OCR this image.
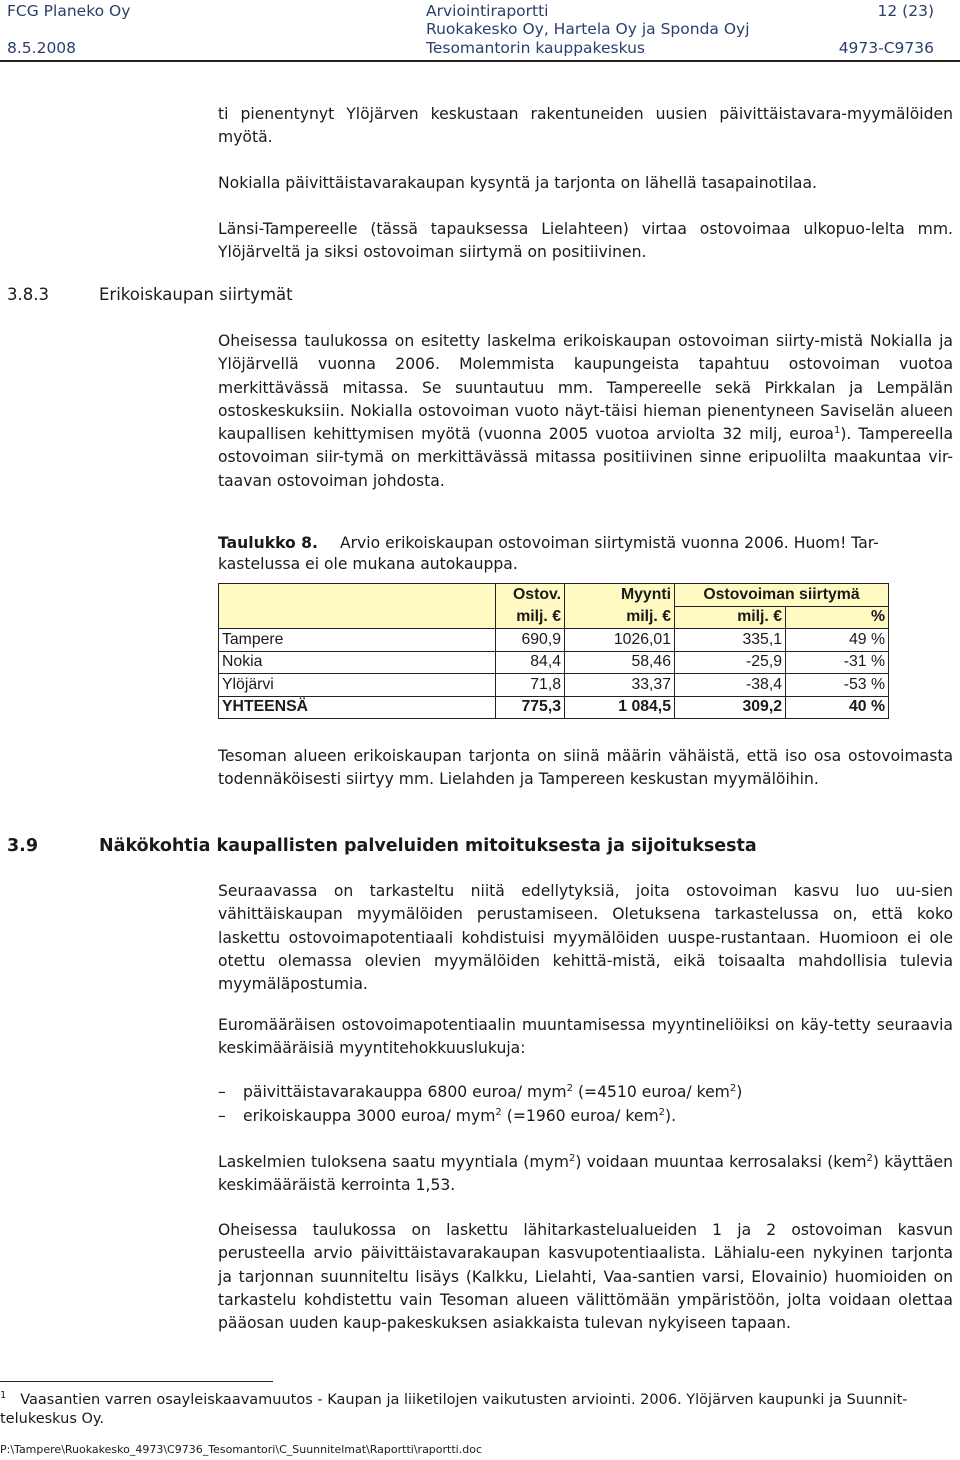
FCG Planeko Oy
8.5.2008
Arviointiraportti
Ruokakesko Oy, Hartela Oy ja Sponda Oyj
Tesomantorin kauppakeskus
12 (23)
4973-C9736

ti pienentynyt Ylöjärven keskustaan rakentuneiden uusien päivittäistavara-myymälöiden myötä.

Nokialla päivittäistavarakaupan kysyntä ja tarjonta on lähellä tasapainotilaa.

Länsi-Tampereelle (tässä tapauksessa Lielahteen) virtaa ostovoimaa ulkopuo-lelta mm. Ylöjärveltä ja siksi ostovoiman siirtymä on positiivinen.

3.8.3	Erikoiskaupan siirtymät

Oheisessa taulukossa on esitetty laskelma erikoiskaupan ostovoiman siirty-mistä Nokialla ja Ylöjärvellä vuonna 2006. Molemmista kaupungeista tapahtuu ostovoiman vuotoa merkittävässä mitassa. Se suuntautuu mm. Tampereelle sekä Pirkkalan ja Lempälän ostoskeskuksiin. Nokialla ostovoiman vuoto näyt-täisi hieman pienentyneen Saviselän alueen kaupallisen kehittymisen myötä (vuonna 2005 vuotoa arviolta 32 milj, euroa$^1$). Tampereella ostovoiman siir-tymä on merkittävässä mitassa positiivinen sinne eripuolilta maakuntaa vir-taavan ostovoiman johdosta.

Taulukko 8. Arvio erikoiskaupan ostovoiman siirtymistä vuonna 2006. Huom! Tar-kastelussa ei ole mukana autokauppa.
	Ostov.	Myynti	Ostovoiman siirtymä	
	milj. €	milj. €	milj. €	%
Tampere	690,9	1026,01	335,1	49 %
Nokia	84,4	58,46	-25,9	-31 %
Ylöjärvi	71,8	33,37	-38,4	-53 %
YHTEENSÄ	775,3	1 084,5	309,2	40 %

Tesoman alueen erikoiskaupan tarjonta on siinä määrin vähäistä, että iso osa ostovoimasta todennäköisesti siirtyy mm. Lielahden ja Tampereen keskustan myymälöihin.

3.9	Näkökohtia kaupallisten palveluiden mitoituksesta ja sijoituksesta

Seuraavassa on tarkasteltu niitä edellytyksiä, joita ostovoiman kasvu luo uu-sien vähittäiskaupan myymälöiden perustamiseen. Oletuksena tarkastelussa on, että koko laskettu ostovoimapotentiaali kohdistuisi myymälöiden uuspe-rustantaan. Huomioon ei ole otettu olemassa olevien myymälöiden kehittä-mistä, eikä toisaalta mahdollisia tulevia myymäläpostumia.

Euromääräisen ostovoimapotentiaalin muuntamisessa myyntineliöiksi on käy-tetty seuraavia keskimääräisiä myyntitehokkuuslukuja:

– päivittäistavarakauppa 6800 euroa/ mym$^2$ (=4510 euroa/ kem$^2$)
– erikoiskauppa 3000 euroa/ mym$^2$ (=1960 euroa/ kem$^2$).

Laskelmien tuloksena saatu myyntiala (mym$^2$) voidaan muuntaa kerrosalaksi (kem$^2$) käyttäen keskimääräistä kerrointa 1,53.

Oheisessa taulukossa on laskettu lähitarkastelualueiden 1 ja 2 ostovoiman kasvun perusteella arvio päivittäistavarakaupan kasvupotentiaalista. Lähialu-een nykyinen tarjonta ja tarjonnan suunniteltu lisäys (Kalkku, Lielahti, Vaa-santien varsi, Elovainio) huomioiden on tarkastelu kohdistettu vain Tesoman alueen välittömään ympäristöön, jolta voidaan olettaa pääosan uuden kaup-pakeskuksen asiakkaista tulevan nykyiseen tapaan.

$^1$ Vaasantien varren osayleiskaavamuutos - Kaupan ja liiketilojen vaikutusten arviointi. 2006. Ylöjärven kaupunki ja Suunnit-telukeskus Oy.
P:\Tampere\Ruokakesko_4973\C9736_Tesomantori\C_Suunnitelmat\Raportti\raportti.doc
